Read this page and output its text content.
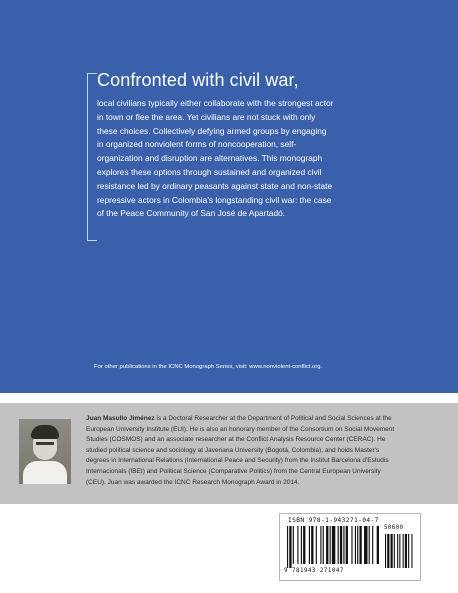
Confronted with civil war,
local civilians typically either collaborate with the strongest actor
in town or flee the area. Yet civilians are not stuck with only
these choices. Collectively defying armed groups by engaging
in organized nonviolent forms of noncooperation, self-
organization and disruption are alternatives. This monograph
explores these options through sustained and organized civil
resistance led by ordinary peasants against state and non-state
repressive actors in Colombia's longstanding civil war: the case
of the Peace Community of San José de Apartadó.
For other publications in the ICNC Monograph Series, visit: www.nonviolent-conflict.org.
Juan Masullo Jiménez is a Doctoral Researcher at the Department of Political and Social Sciences at the
European University Institute (EUI). He is also an honorary member of the Consortium on Social Movement
Studies (COSMOS) and an associate researcher at the Conflict Analysis Resource Center (CERAC). He
studied political science and sociology at Javeriana University (Bogotá, Colombia), and holds Master's
degrees in International Relations (International Peace and Security) from the Institut Barcelona d'Estudis
Internacionals (IBEI) and Political Science (Comparative Politics) from the Central European University
(CEU). Juan was awarded the ICNC Research Monograph Award in 2014.
ISBN 978-1-943271-04-7
50600
9 781943 271047
